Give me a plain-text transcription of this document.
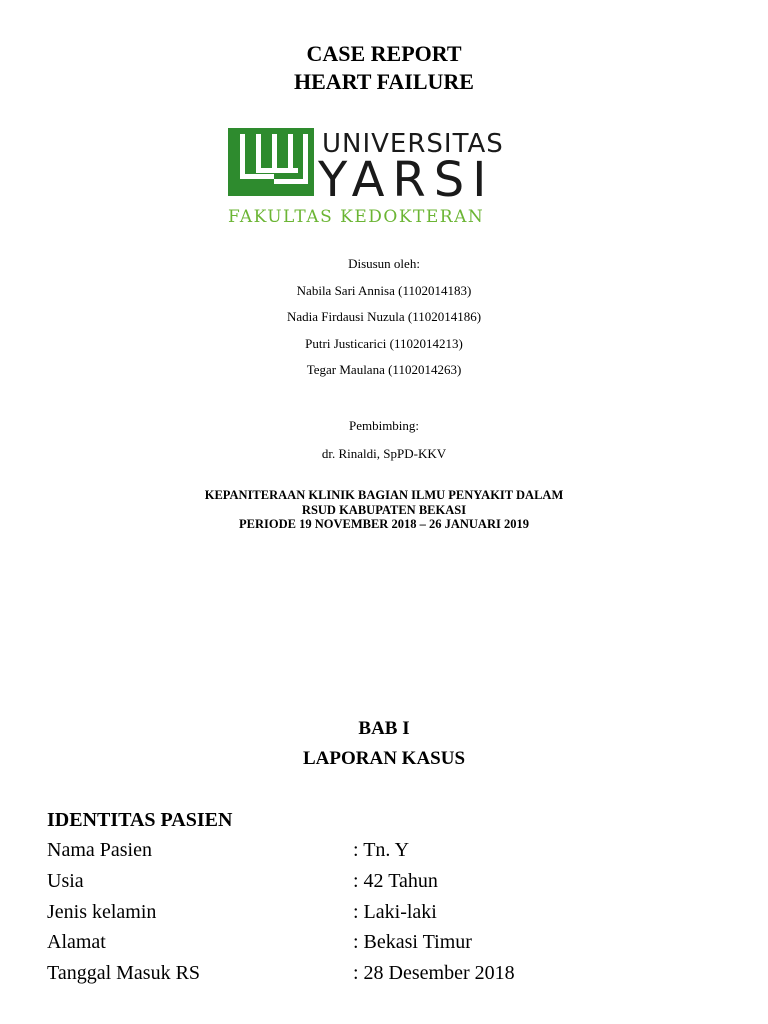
CASE REPORT
HEART FAILURE
UNIVERSITAS
YARSI
FAKULTAS KEDOKTERAN
Disusun oleh:
Nabila Sari Annisa (1102014183)
Nadia Firdausi Nuzula (1102014186)
Putri Justicarici (1102014213)
Tegar Maulana (1102014263)
Pembimbing:
dr. Rinaldi, SpPD-KKV
KEPANITERAAN KLINIK BAGIAN ILMU PENYAKIT DALAM
RSUD KABUPATEN BEKASI
PERIODE 19 NOVEMBER 2018 – 26 JANUARI 2019
BAB I
LAPORAN KASUS
IDENTITAS PASIEN
Nama Pasien	: Tn. Y
Usia	: 42 Tahun
Jenis kelamin	: Laki-laki
Alamat	: Bekasi Timur
Tanggal Masuk RS	: 28 Desember 2018
